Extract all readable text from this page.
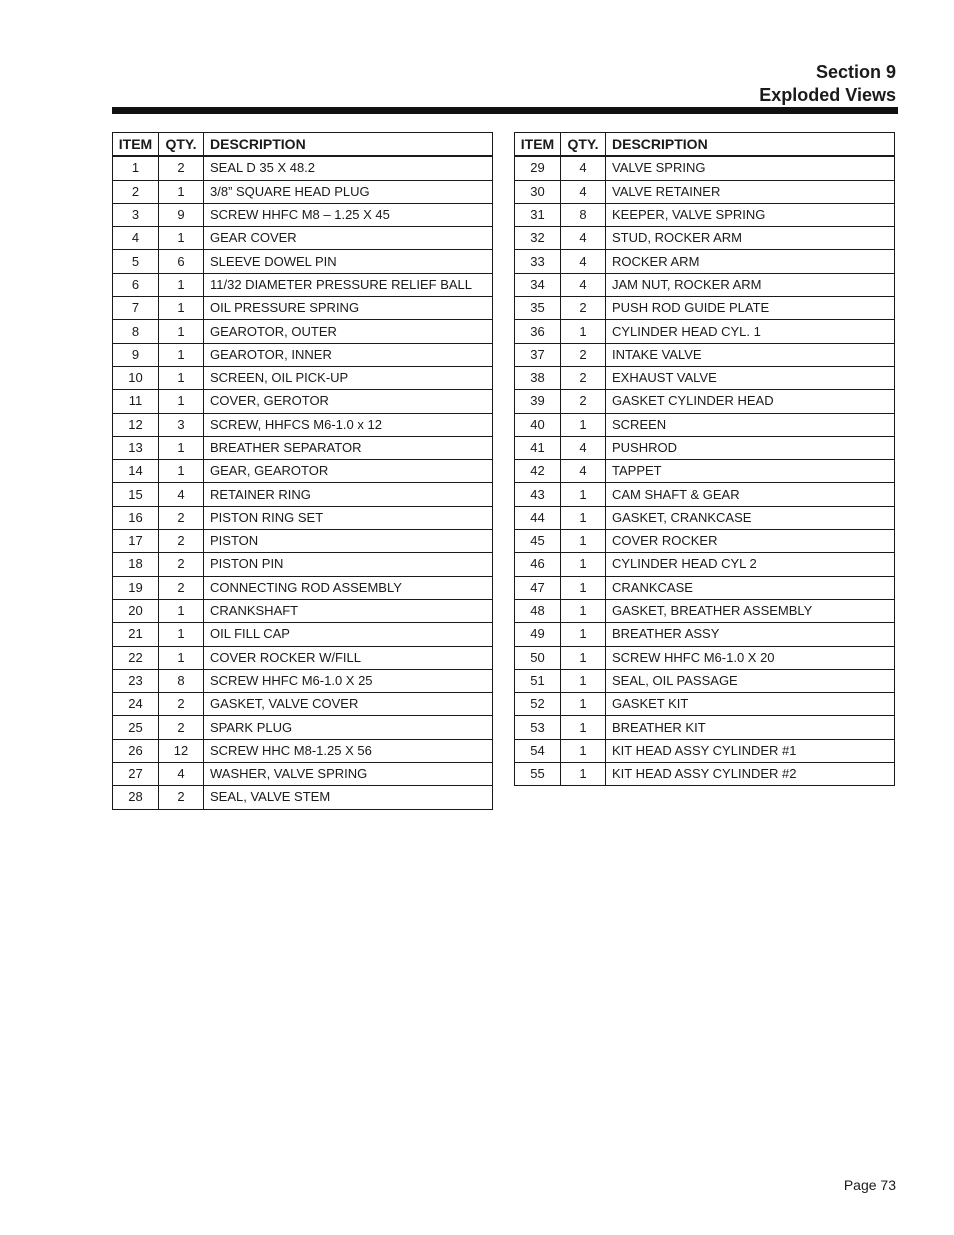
Section 9
Exploded Views
ITEM	QTY.	DESCRIPTION
1	2	SEAL D 35 X 48.2
2	1	3/8” SQUARE HEAD PLUG
3	9	SCREW HHFC M8 – 1.25 X 45
4	1	GEAR COVER
5	6	SLEEVE DOWEL PIN
6	1	11/32 DIAMETER PRESSURE RELIEF BALL
7	1	OIL PRESSURE SPRING
8	1	GEAROTOR, OUTER
9	1	GEAROTOR, INNER
10	1	SCREEN, OIL PICK-UP
11	1	COVER, GEROTOR
12	3	SCREW, HHFCS M6-1.0 x 12
13	1	BREATHER SEPARATOR
14	1	GEAR, GEAROTOR
15	4	RETAINER RING
16	2	PISTON RING SET
17	2	PISTON
18	2	PISTON PIN
19	2	CONNECTING ROD ASSEMBLY
20	1	CRANKSHAFT
21	1	OIL FILL CAP
22	1	COVER ROCKER W/FILL
23	8	SCREW HHFC M6-1.0 X 25
24	2	GASKET, VALVE COVER
25	2	SPARK PLUG
26	12	SCREW HHC M8-1.25 X 56
27	4	WASHER, VALVE SPRING
28	2	SEAL, VALVE STEM
ITEM	QTY.	DESCRIPTION
29	4	VALVE SPRING
30	4	VALVE RETAINER
31	8	KEEPER, VALVE SPRING
32	4	STUD, ROCKER ARM
33	4	ROCKER ARM
34	4	JAM NUT, ROCKER ARM
35	2	PUSH ROD GUIDE PLATE
36	1	CYLINDER HEAD CYL. 1
37	2	INTAKE VALVE
38	2	EXHAUST VALVE
39	2	GASKET CYLINDER HEAD
40	1	SCREEN
41	4	PUSHROD
42	4	TAPPET
43	1	CAM SHAFT & GEAR
44	1	GASKET, CRANKCASE
45	1	COVER ROCKER
46	1	CYLINDER HEAD CYL 2
47	1	CRANKCASE
48	1	GASKET, BREATHER ASSEMBLY
49	1	BREATHER ASSY
50	1	SCREW HHFC M6-1.0 X 20
51	1	SEAL, OIL PASSAGE
52	1	GASKET KIT
53	1	BREATHER KIT
54	1	KIT HEAD ASSY CYLINDER #1
55	1	KIT HEAD ASSY CYLINDER #2
Page 73
